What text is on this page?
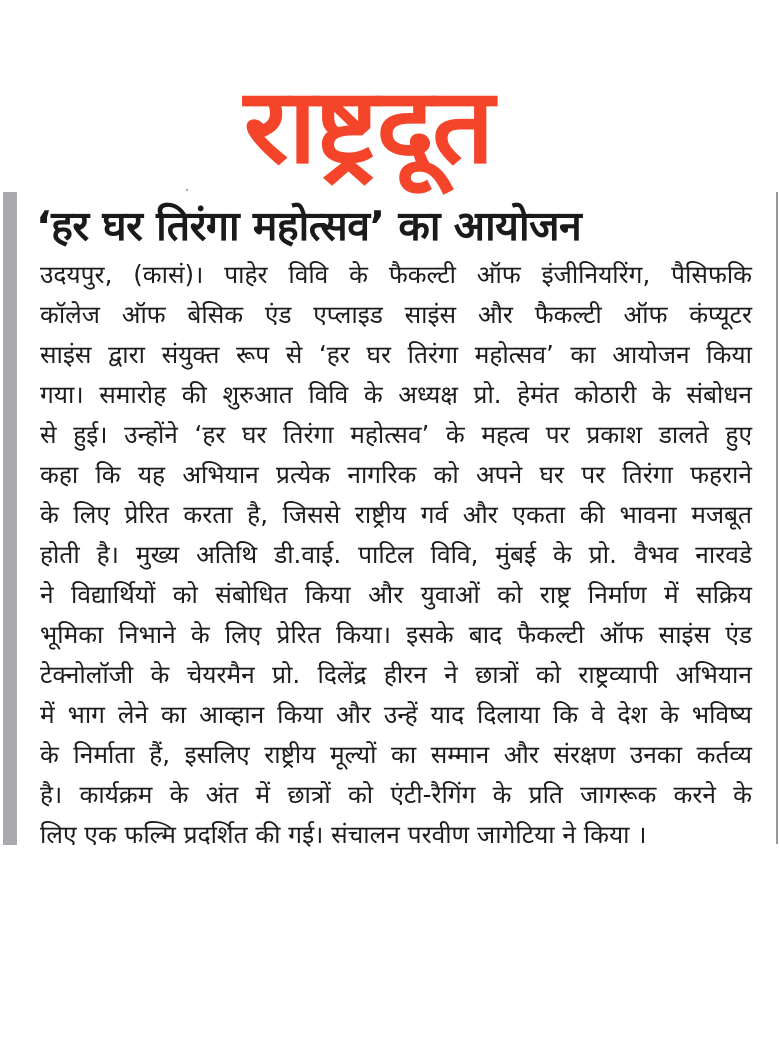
राष्ट्रदूत
‘हर घर तिरंगा महोत्सव’ का आयोजन
उदयपुर, (कासं)। पाहेर विवि के फैकल्टी ऑफ इंजीनियरिंग, पैसिफकि
कॉलेज ऑफ बेसिक एंड एप्लाइड साइंस और फैकल्टी ऑफ कंप्यूटर
साइंस द्वारा संयुक्त रूप से ‘हर घर तिरंगा महोत्सव’ का आयोजन किया
गया। समारोह की शुरुआत विवि के अध्यक्ष प्रो. हेमंत कोठारी के संबोधन
से हुई। उन्होंने ‘हर घर तिरंगा महोत्सव’ के महत्व पर प्रकाश डालते हुए
कहा कि यह अभियान प्रत्येक नागरिक को अपने घर पर तिरंगा फहराने
के लिए प्रेरित करता है, जिससे राष्ट्रीय गर्व और एकता की भावना मजबूत
होती है। मुख्य अतिथि डी.वाई. पाटिल विवि, मुंबई के प्रो. वैभव नारवडे
ने विद्यार्थियों को संबोधित किया और युवाओं को राष्ट्र निर्माण में सक्रिय
भूमिका निभाने के लिए प्रेरित किया। इसके बाद फैकल्टी ऑफ साइंस एंड
टेक्नोलॉजी के चेयरमैन प्रो. दिलेंद्र हीरन ने छात्रों को राष्ट्रव्यापी अभियान
में भाग लेने का आव्हान किया और उन्हें याद दिलाया कि वे देश के भविष्य
के निर्माता हैं, इसलिए राष्ट्रीय मूल्यों का सम्मान और संरक्षण उनका कर्तव्य
है। कार्यक्रम के अंत में छात्रों को एंटी-रैगिंग के प्रति जागरूक करने के
लिए एक फल्मि प्रदर्शित की गई। संचालन परवीण जागेटिया ने किया ।
